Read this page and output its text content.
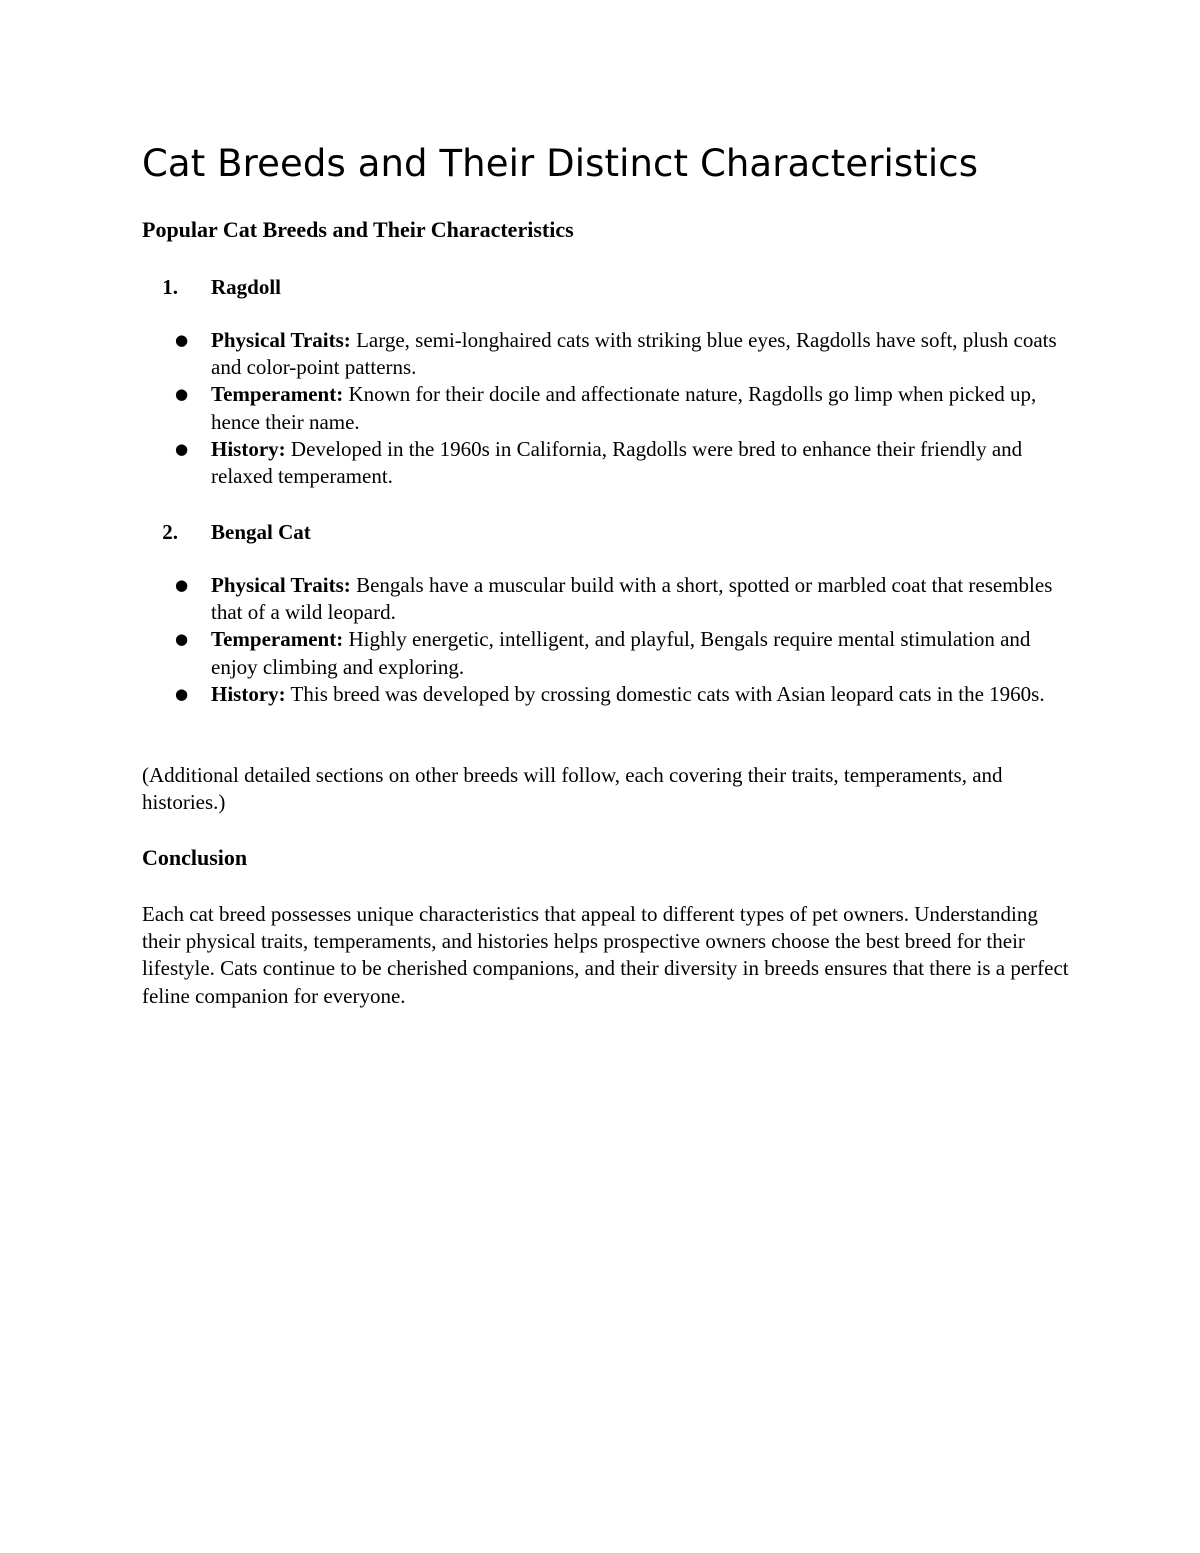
Cat Breeds and Their Distinct Characteristics
Popular Cat Breeds and Their Characteristics
1. Ragdoll
● Physical Traits: Large, semi-longhaired cats with striking blue eyes, Ragdolls have soft, plush coats and color-point patterns.
● Temperament: Known for their docile and affectionate nature, Ragdolls go limp when picked up, hence their name.
● History: Developed in the 1960s in California, Ragdolls were bred to enhance their friendly and relaxed temperament.
2. Bengal Cat
● Physical Traits: Bengals have a muscular build with a short, spotted or marbled coat that resembles that of a wild leopard.
● Temperament: Highly energetic, intelligent, and playful, Bengals require mental stimulation and enjoy climbing and exploring.
● History: This breed was developed by crossing domestic cats with Asian leopard cats in the 1960s.

(Additional detailed sections on other breeds will follow, each covering their traits, temperaments, and histories.)

Conclusion

Each cat breed possesses unique characteristics that appeal to different types of pet owners. Understanding their physical traits, temperaments, and histories helps prospective owners choose the best breed for their lifestyle. Cats continue to be cherished companions, and their diversity in breeds ensures that there is a perfect feline companion for everyone.
